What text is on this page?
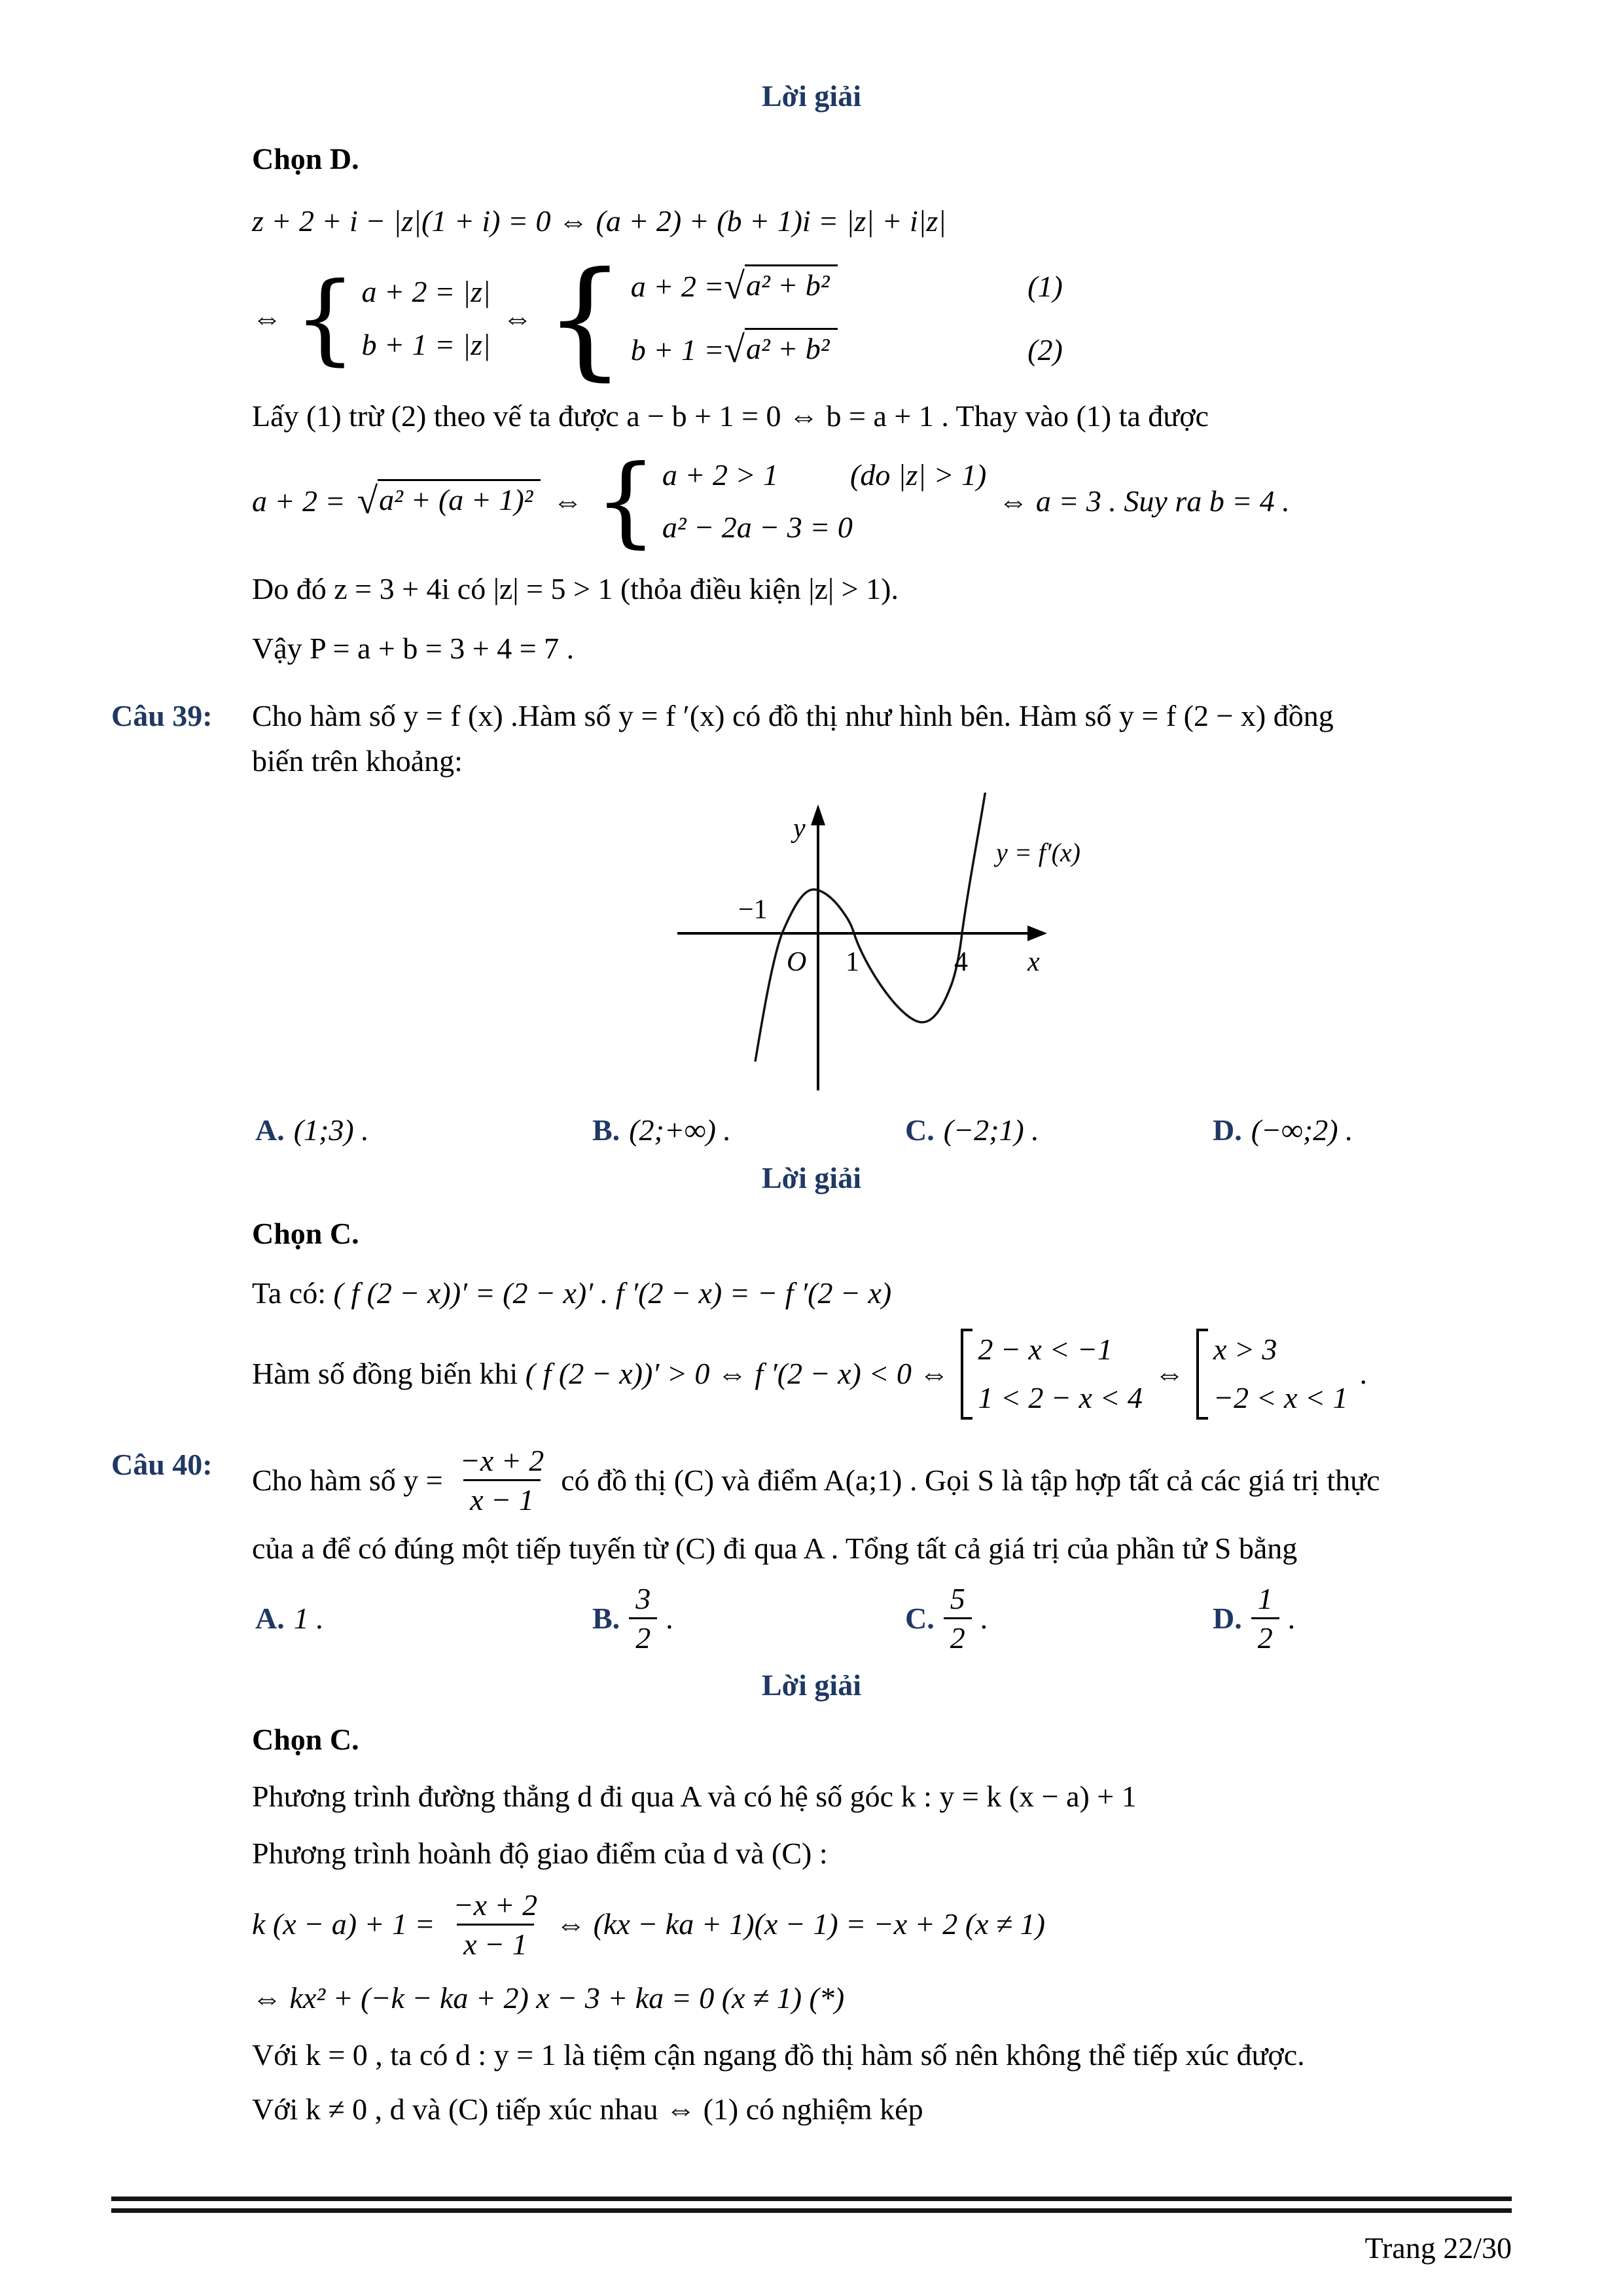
Lời giải
Chọn D.
z + 2 + i − |z|(1 + i) = 0 ⇔ (a + 2) + (b + 1)i = |z| + i|z|
⇔ { a + 2 = |z|
b + 1 = |z|
⇔ { a + 2 = √a² + b²	(1)
b + 1 = √a² + b²	(2)
Lấy (1) trừ (2) theo vế ta được a − b + 1 = 0 ⇔ b = a + 1 . Thay vào (1) ta được
a + 2 = √a² + (a + 1)² ⇔ { a + 2 > 1 (do |z| > 1)
a² − 2a − 3 = 0
⇔ a = 3 . Suy ra b = 4 .
Do đó z = 3 + 4i có |z| = 5 > 1 (thỏa điều kiện |z| > 1).
Vậy P = a + b = 3 + 4 = 7 .
Câu 39:	Cho hàm số y = f (x) .Hàm số y = f ′(x) có đồ thị như hình bên. Hàm số y = f (2 − x) đồng
biến trên khoảng:
y
x
O
−1
1	4
y = f′(x)
A. (1;3) .	B. (2;+∞) .	C. (−2;1) .	D. (−∞;2) .
Lời giải
Chọn C.
Ta có: ( f (2 − x))′ = (2 − x)′ . f ′(2 − x) = − f ′(2 − x)
Hàm số đồng biến khi ( f (2 − x))′ > 0 ⇔ f ′(2 − x) < 0 ⇔
2 − x < −1
1 < 2 − x < 4
⇔
x > 3
−2 < x < 1
.
Câu 40:	Cho hàm số $y = \frac{-x + 2}{x - 1}$ có đồ thị (C) và điểm A(a;1) . Gọi S là tập hợp tất cả các giá trị thực
của a để có đúng một tiếp tuyến từ (C) đi qua A . Tổng tất cả giá trị của phần tử S bằng
A. 1 .	B. $\frac{3}{2}$ .	C. $\frac{5}{2}$ .	D. $\frac{1}{2}$ .
Lời giải
Chọn C.
Phương trình đường thẳng d đi qua A và có hệ số góc k : y = k (x − a) + 1
Phương trình hoành độ giao điểm của d và (C) :
k $(x - a) + 1 = \frac{-x + 2}{x - 1}$ ⇔ (kx − ka + 1)(x − 1) = −x + 2 (x ≠ 1)
⇔ kx² + (−k − ka + 2) x − 3 + ka = 0 (x ≠ 1) (*)
Với k = 0 , ta có d : y = 1 là tiệm cận ngang đồ thị hàm số nên không thể tiếp xúc được.
Với k ≠ 0 , d và (C) tiếp xúc nhau ⇔ (1) có nghiệm kép
Trang 22/30
